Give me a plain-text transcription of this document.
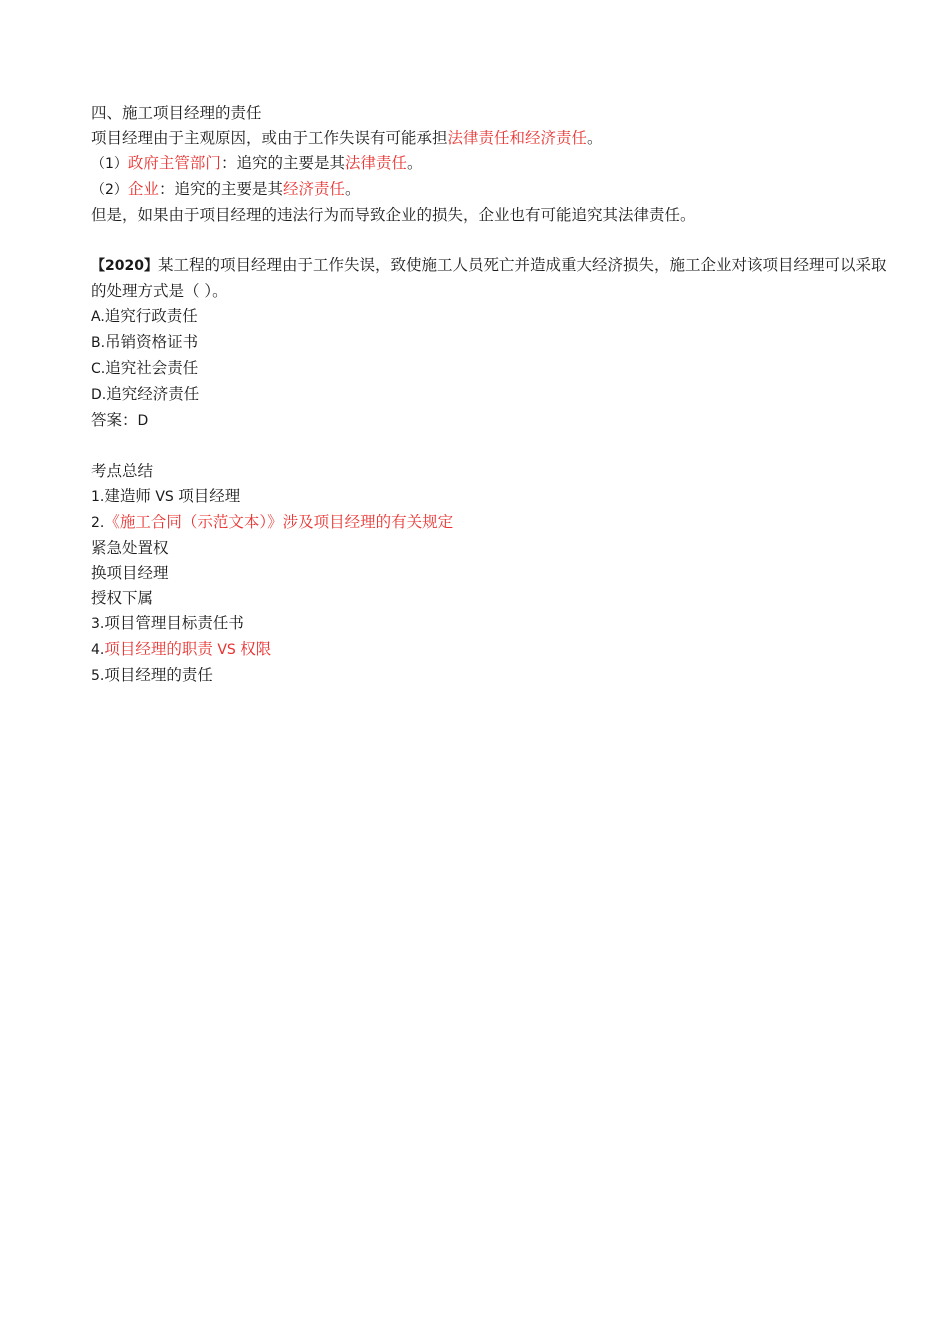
四、施工项目经理的责任
项目经理由于主观原因，或由于工作失误有可能承担法律责任和经济责任。
（1）政府主管部门：追究的主要是其法律责任。
（2）企业：追究的主要是其经济责任。
但是，如果由于项目经理的违法行为而导致企业的损失，企业也有可能追究其法律责任。
【2020】某工程的项目经理由于工作失误，致使施工人员死亡并造成重大经济损失，施工企业对该项目经理可以采取的处理方式是（ ）。
A.追究行政责任
B.吊销资格证书
C.追究社会责任
D.追究经济责任
答案：D
考点总结
1.建造师 VS 项目经理
2.《施工合同（示范文本）》涉及项目经理的有关规定
紧急处置权
换项目经理
授权下属
3.项目管理目标责任书
4.项目经理的职责 VS 权限
5.项目经理的责任
